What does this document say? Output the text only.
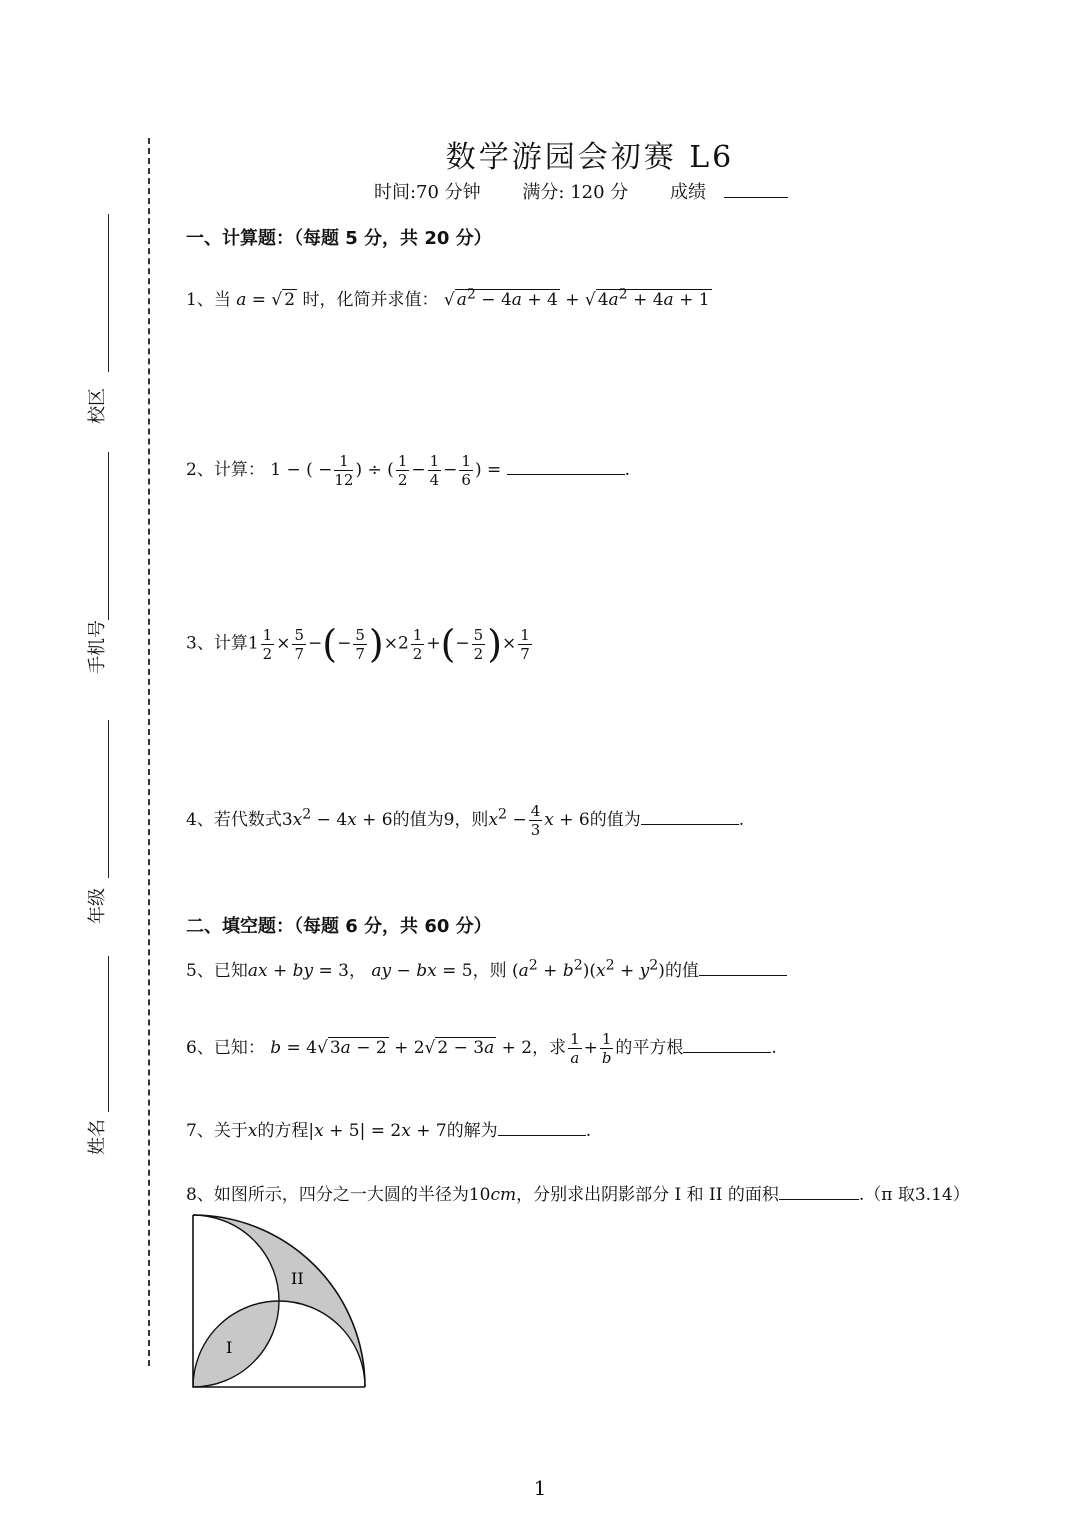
校区
手机号
年级
姓名
数学游园会初赛 L6
时间:70 分钟 满分: 120 分 成绩
一、计算题：（每题 5 分，共 20 分）
1、当 a = √ 2 时，化简并求值： √ $a^2 - 4a + 4$ + √ $4a^2 + 4a + 1$
2、计算： 1 − ( − $\frac{1}{12}$ ) ÷ ( $\frac{1}{2} - \frac{1}{4} - \frac{1}{6}$ ) =	.
3、计算$1 \frac{1}{2} \times \frac{5}{7}$ −(− $\frac{5}{7} )\times 2 \frac{1}{2}$ +(− $\frac{5}{2}$ )× $\frac{1}{7}$
4、若代数式$3x^2 - 4x + 6$的值为9，则$x^2 - \frac{4}{3}$ x + 6的值为	.
二、填空题：（每题 6 分，共 60 分）
5、已知ax + by = 3， ay − bx = 5，则 $(a^2 + b^2)(x^2 + y^2)$的值
6、已知： b = 4√ 3a − 2 + 2√ 2 − 3a + 2，求 $\frac{1}{a} + \frac{1}{b}$ 的平方根	.
7、关于x的方程|x + 5| = 2x + 7的解为	.
8、如图所示，四分之一大圆的半径为10cm，分别求出阴影部分 I 和 II 的面积	.（π 取3.14）
II
I
1
